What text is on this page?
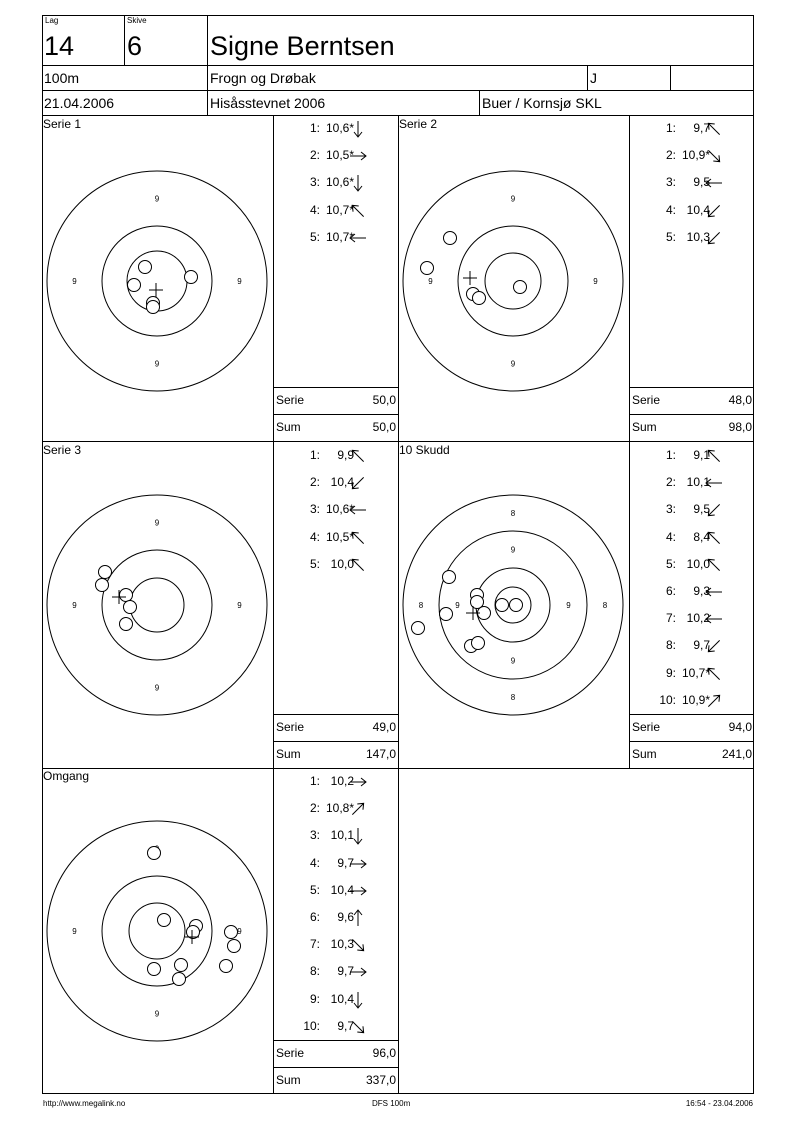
Lag
14
Skive
6	Signe Berntsen
100m	Frogn og Drøbak	J
21.04.2006	Hisåsstevnet 2006	Buer / Kornsjø SKL
Serie 1
9
9	9
9
1: 10,6*
2: 10,5*
3: 10,6*
4: 10,7*
5: 10,7*
Serie	50,0
Sum	50,0
Serie 2
9
9	9
9
1: 9,7
2: 10,9*
3: 9,5
4: 10,4
5: 10,3
Serie	48,0
Sum	98,0
Serie 3
9
9	9
9
1: 9,9
2: 10,4
3: 10,6*
4: 10,5*
5: 10,0
Serie	49,0
Sum	147,0
10 Skudd
8
9
8	9	9	8
9
8
1: 9,1
2: 10,1
3: 9,5
4: 8,4
5: 10,0
6: 9,3
7: 10,2
8: 9,7
9: 10,7*
10: 10,9*
Serie	94,0
Sum	241,0
Omgang
9	9
9
1: 10,2
2: 10,8*
3: 10,1
4: 9,7
5: 10,4
6: 9,6
7: 10,3
8: 9,7
9: 10,4
10: 9,7
Serie	96,0
Sum	337,0
http://www.megalink.no	DFS 100m	16:54 - 23.04.2006
